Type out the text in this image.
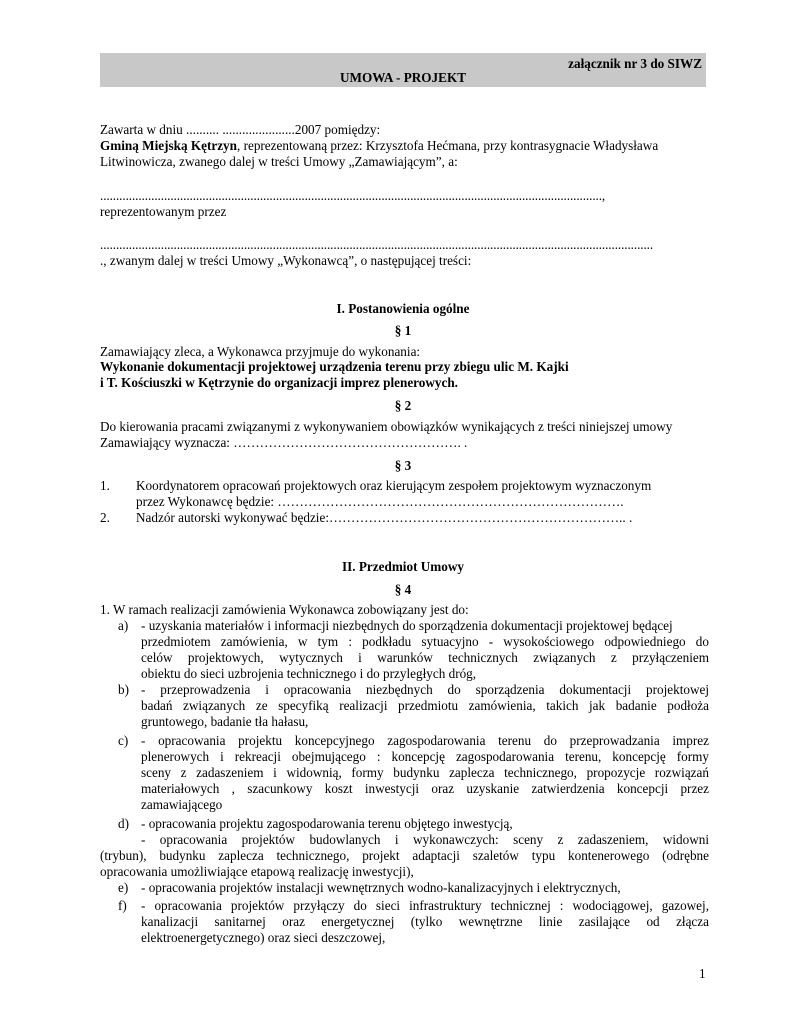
załącznik nr 3 do SIWZ
UMOWA - PROJEKT
Zawarta w dniu .......... ......................2007 pomiędzy:
Gminą Miejską Kętrzyn, reprezentowaną przez: Krzysztofa Hećmana, przy kontrasygnacie Władysława
Litwinowicza, zwanego dalej w treści Umowy „Zamawiającym”, a:
.............................................................................................................................................................,
reprezentowanym przez
.............................................................................................................................................................................
., zwanym dalej w treści Umowy „Wykonawcą”, o następującej treści:
I. Postanowienia ogólne
§ 1
Zamawiający zleca, a Wykonawca przyjmuje do wykonania:
Wykonanie dokumentacji projektowej urządzenia terenu przy zbiegu ulic M. Kajki
i T. Kościuszki w Kętrzynie do organizacji imprez plenerowych.
§ 2
Do kierowania pracami związanymi z wykonywaniem obowiązków wynikających z treści niniejszej umowy
Zamawiający wyznacza: ……………………………………………. .
§ 3
1. Koordynatorem opracowań projektowych oraz kierującym zespołem projektowym wyznaczonym
przez Wykonawcę będzie: …………………………………………………………………….
2. Nadzór autorski wykonywać będzie:………………………………………………………….. .
II. Przedmiot Umowy
§ 4
1. W ramach realizacji zamówienia Wykonawca zobowiązany jest do:
a) - uzyskania materiałów i informacji niezbędnych do sporządzenia dokumentacji projektowej będącej
przedmiotem zamówienia, w tym : podkładu sytuacyjno - wysokościowego odpowiedniego do
celów projektowych, wytycznych i warunków technicznych związanych z przyłączeniem
obiektu do sieci uzbrojenia technicznego i do przyległych dróg,
b) - przeprowadzenia i opracowania niezbędnych do sporządzenia dokumentacji projektowej
badań związanych ze specyfiką realizacji przedmiotu zamówienia, takich jak badanie podłoża
gruntowego, badanie tła hałasu,
c) - opracowania projektu koncepcyjnego zagospodarowania terenu do przeprowadzania imprez
plenerowych i rekreacji obejmującego : koncepcję zagospodarowania terenu, koncepcję formy
sceny z zadaszeniem i widownią, formy budynku zaplecza technicznego, propozycje rozwiązań
materiałowych , szacunkowy koszt inwestycji oraz uzyskanie zatwierdzenia koncepcji przez
zamawiającego
d) - opracowania projektu zagospodarowania terenu objętego inwestycją,
- opracowania projektów budowlanych i wykonawczych: sceny z zadaszeniem, widowni
(trybun), budynku zaplecza technicznego, projekt adaptacji szaletów typu kontenerowego (odrębne
opracowania umożliwiające etapową realizację inwestycji),
e) - opracowania projektów instalacji wewnętrznych wodno-kanalizacyjnych i elektrycznych,
f) - opracowania projektów przyłączy do sieci infrastruktury technicznej : wodociągowej, gazowej,
kanalizacji sanitarnej oraz energetycznej (tylko wewnętrzne linie zasilające od złącza
elektroenergetycznego) oraz sieci deszczowej,
1
